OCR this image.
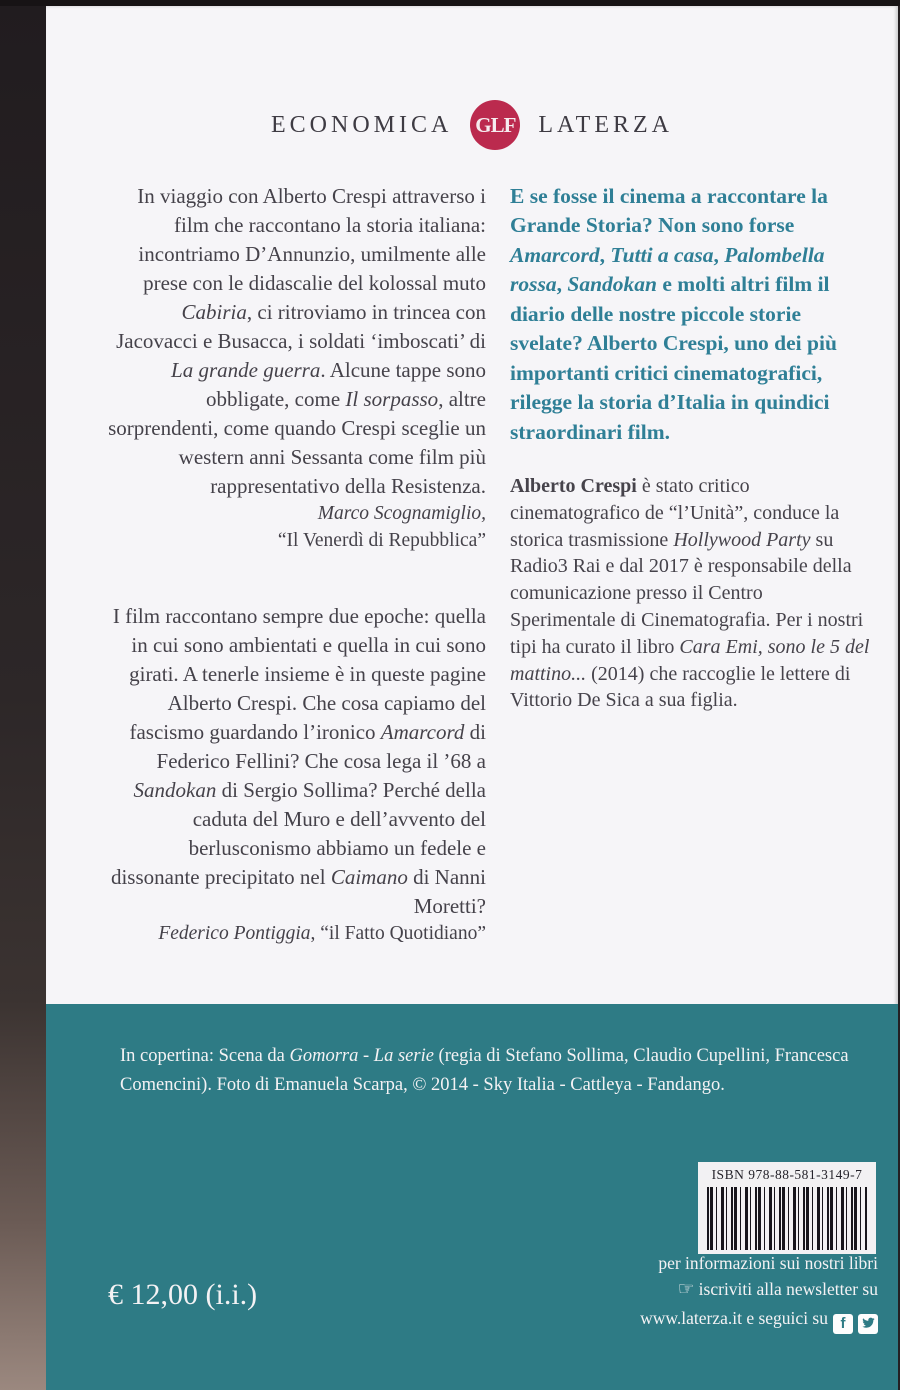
ECONOMICA GLF LATERZA

In viaggio con Alberto Crespi attraverso i film che raccontano la storia italiana: incontriamo D’Annunzio, umilmente alle prese con le didascalie del kolossal muto Cabiria, ci ritroviamo in trincea con Jacovacci e Busacca, i soldati ‘imboscati’ di La grande guerra. Alcune tappe sono obbligate, come Il sorpasso, altre sorprendenti, come quando Crespi sceglie un western anni Sessanta come film più rappresentativo della Resistenza.

Marco Scognamiglio,
“Il Venerdì di Repubblica”

I film raccontano sempre due epoche: quella in cui sono ambientati e quella in cui sono girati. A tenerle insieme è in queste pagine Alberto Crespi. Che cosa capiamo del fascismo guardando l’ironico Amarcord di Federico Fellini? Che cosa lega il ’68 a Sandokan di Sergio Sollima? Perché della caduta del Muro e dell’avvento del berlusconismo abbiamo un fedele e dissonante precipitato nel Caimano di Nanni Moretti?

Federico Pontiggia, “il Fatto Quotidiano”

E se fosse il cinema a raccontare la Grande Storia? Non sono forse Amarcord, Tutti a casa, Palombella rossa, Sandokan e molti altri film il diario delle nostre piccole storie svelate? Alberto Crespi, uno dei più importanti critici cinematografici, rilegge la storia d’Italia in quindici straordinari film.

Alberto Crespi è stato critico cinematografico de “l’Unità”, conduce la storica trasmissione Hollywood Party su Radio3 Rai e dal 2017 è responsabile della comunicazione presso il Centro Sperimentale di Cinematografia. Per i nostri tipi ha curato il libro Cara Emi, sono le 5 del mattino... (2014) che raccoglie le lettere di Vittorio De Sica a sua figlia.

In copertina: Scena da Gomorra - La serie (regia di Stefano Sollima, Claudio Cupellini, Francesca Comencini). Foto di Emanuela Scarpa, © 2014 - Sky Italia - Cattleya - Fandango.

ISBN 978-88-581-3149-7

€ 12,00 (i.i.)

per informazioni sui nostri libri
☞ iscriviti alla newsletter su
www.laterza.it e seguici su f
